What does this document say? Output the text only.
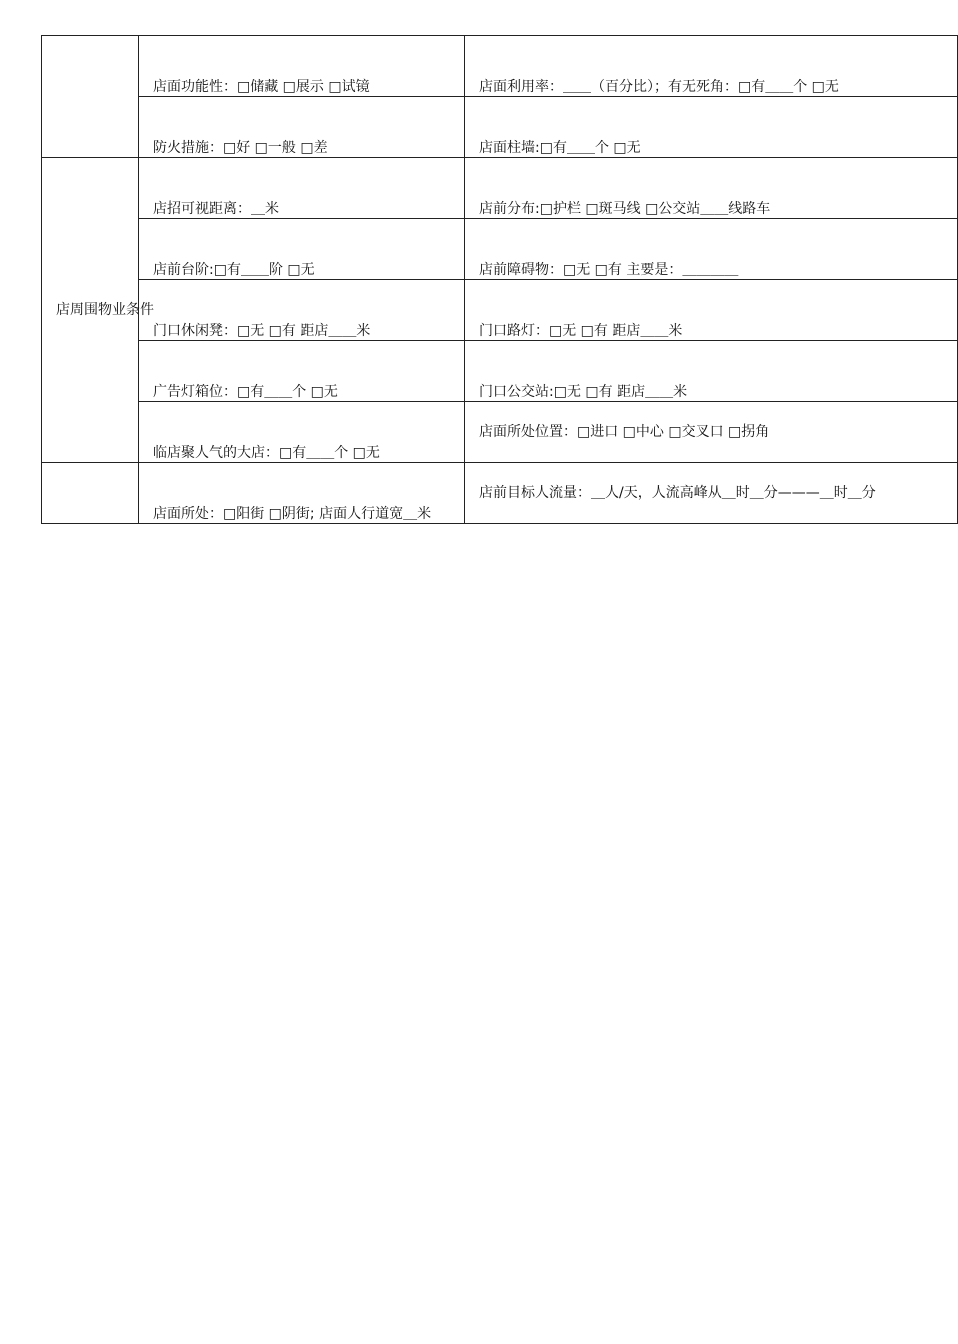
	店面功能性：□储藏 □展示 □试镜	店面利用率：＿＿（百分比）；有无死角：□有＿＿个 □无
	防火措施：□好 □一般 □差	店面柱墙:□有＿＿个 □无
店周围物业条件	店招可视距离：＿米	店前分布:□护栏 □斑马线 □公交站＿＿线路车
	店前台阶:□有＿＿阶 □无	店前障碍物：□无 □有 主要是：＿＿＿＿
	门口休闲凳：□无 □有 距店＿＿米	门口路灯：□无 □有 距店＿＿米
	广告灯箱位：□有＿＿个 □无	门口公交站:□无 □有 距店＿＿米
	临店聚人气的大店：□有＿＿个 □无	店面所处位置：□进口 □中心 □交叉口 □拐角
	店面所处：□阳街 □阴街; 店面人行道宽＿米	店前目标人流量：＿人/天，人流高峰从＿时＿分———＿时＿分
